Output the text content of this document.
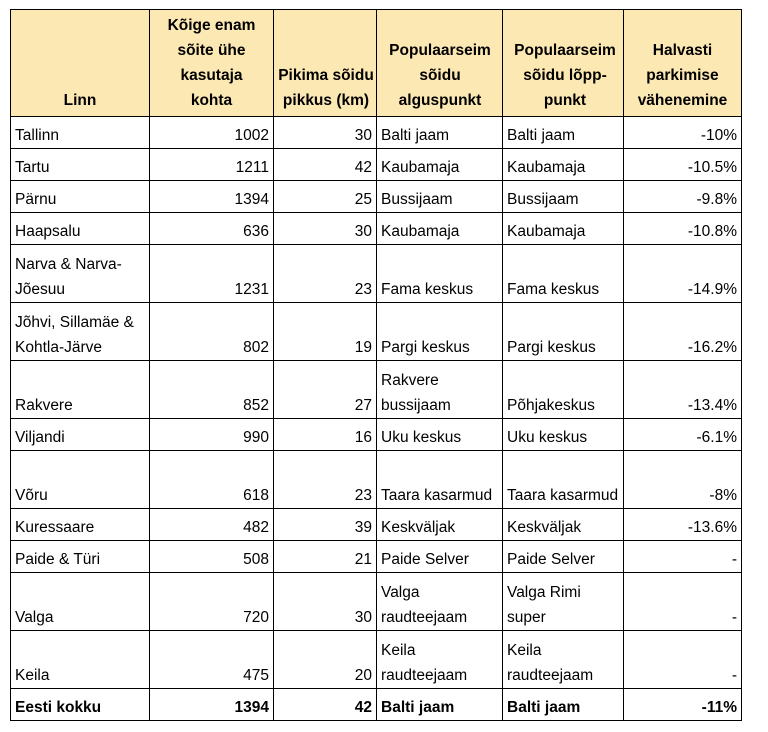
Linn	Kõige enam sõite ühe kasutaja kohta	Pikima sõidu pikkus (km)	Populaarseim sõidu alguspunkt	Populaarseim sõidu lõpp-punkt	Halvasti parkimise vähenemine
Tallinn	1002	30	Balti jaam	Balti jaam	-10%
Tartu	1211	42	Kaubamaja	Kaubamaja	-10.5%
Pärnu	1394	25	Bussijaam	Bussijaam	-9.8%
Haapsalu	636	30	Kaubamaja	Kaubamaja	-10.8%
Narva & Narva-Jõesuu	1231	23	Fama keskus	Fama keskus	-14.9%
Jõhvi, Sillamäe & Kohtla-Järve	802	19	Pargi keskus	Pargi keskus	-16.2%
Rakvere	852	27	Rakvere bussijaam	Põhjakeskus	-13.4%
Viljandi	990	16	Uku keskus	Uku keskus	-6.1%
Võru	618	23	Taara kasarmud	Taara kasarmud	-8%
Kuressaare	482	39	Keskväljak	Keskväljak	-13.6%
Paide & Türi	508	21	Paide Selver	Paide Selver	-
Valga	720	30	Valga raudteejaam	Valga Rimi super	-
Keila	475	20	Keila raudteejaam	Keila raudteejaam	-
Eesti kokku	1394	42	Balti jaam	Balti jaam	-11%
